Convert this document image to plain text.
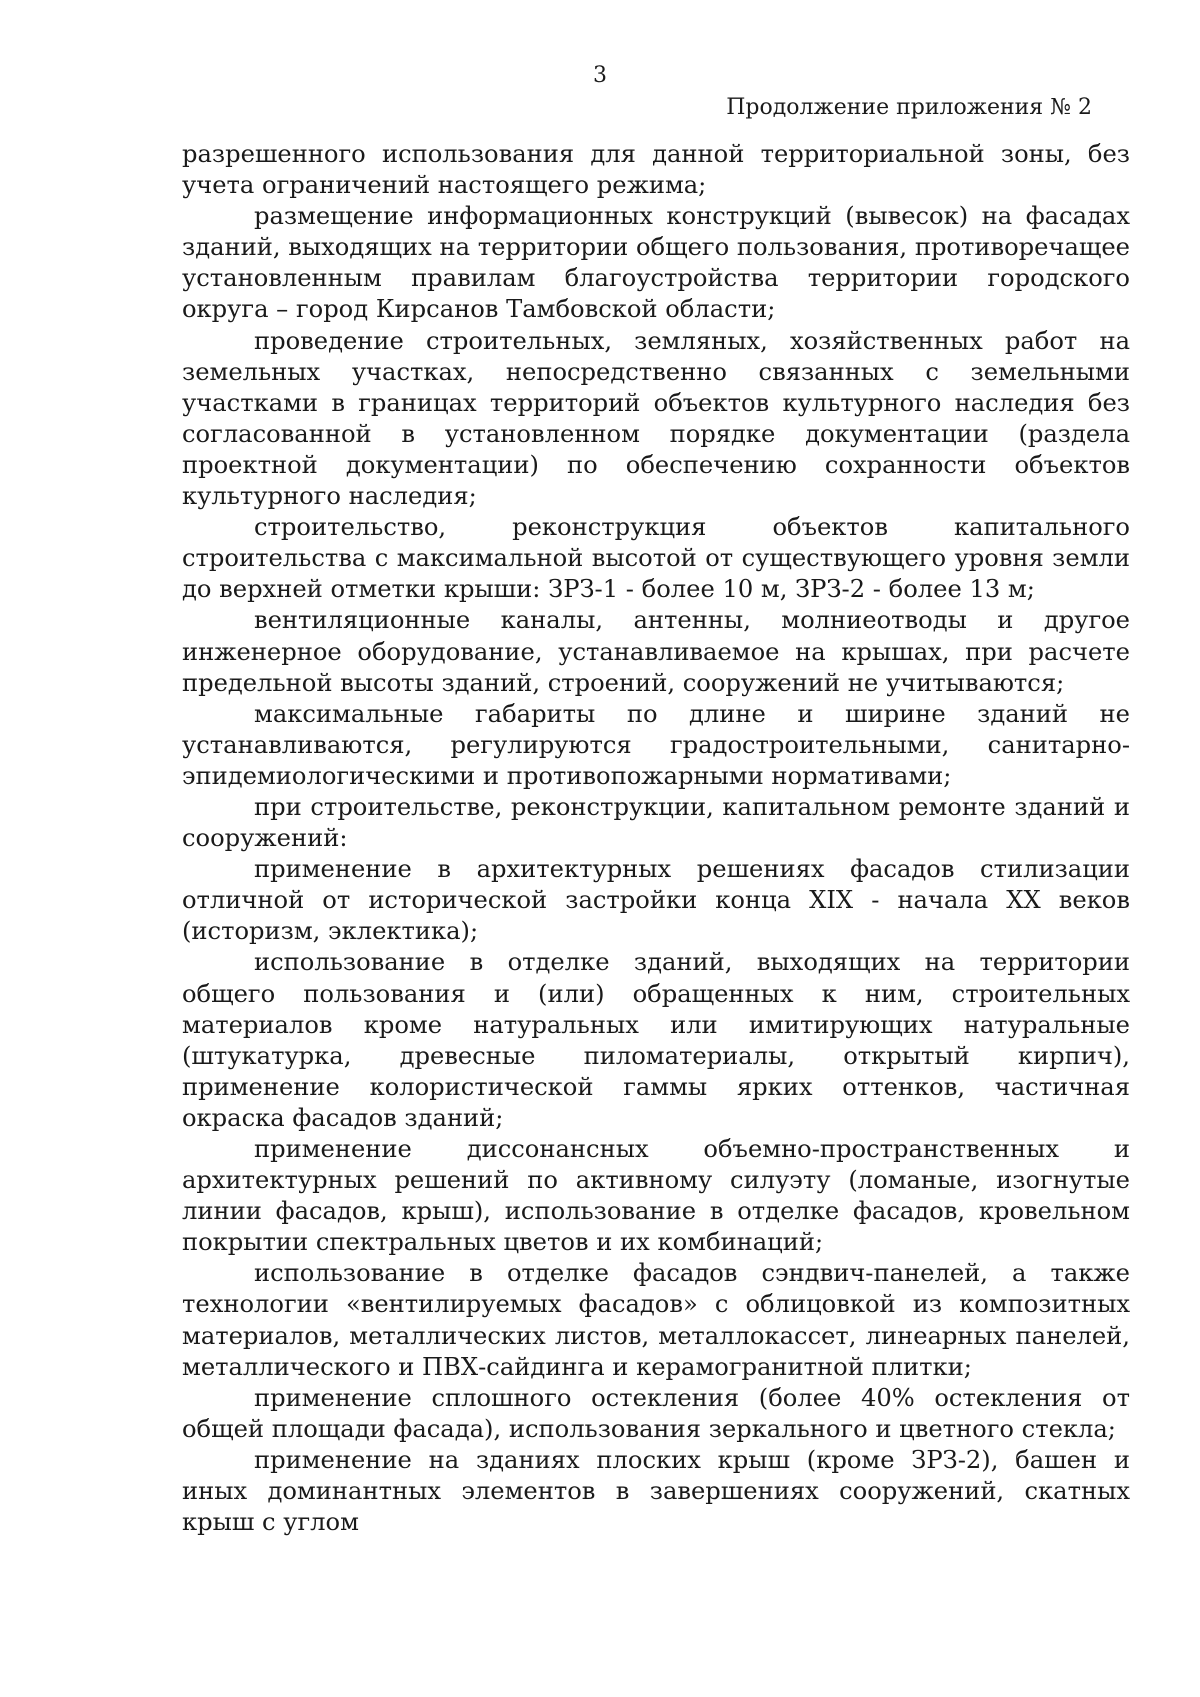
3
Продолжение приложения № 2

разрешенного использования для данной территориальной зоны, без учета ограничений настоящего режима;

размещение информационных конструкций (вывесок) на фасадах зданий, выходящих на территории общего пользования, противоречащее установленным правилам благоустройства территории городского округа – город Кирсанов Тамбовской области;

проведение строительных, земляных, хозяйственных работ на земельных участках, непосредственно связанных с земельными участками в границах территорий объектов культурного наследия без согласованной в установленном порядке документации (раздела проектной документации) по обеспечению сохранности объектов культурного наследия;

строительство, реконструкция объектов капитального строительства с максимальной высотой от существующего уровня земли до верхней отметки крыши: ЗРЗ-1 - более 10 м, ЗРЗ-2 - более 13 м;

вентиляционные каналы, антенны, молниеотводы и другое инженерное оборудование, устанавливаемое на крышах, при расчете предельной высоты зданий, строений, сооружений не учитываются;

максимальные габариты по длине и ширине зданий не устанавливаются, регулируются градостроительными, санитарно-эпидемиологическими и противопожарными нормативами;

при строительстве, реконструкции, капитальном ремонте зданий и сооружений:

применение в архитектурных решениях фасадов стилизации отличной от исторической застройки конца XIX - начала XX веков (историзм, эклектика);

использование в отделке зданий, выходящих на территории общего пользования и (или) обращенных к ним, строительных материалов кроме натуральных или имитирующих натуральные (штукатурка, древесные пиломатериалы, открытый кирпич), применение колористической гаммы ярких оттенков, частичная окраска фасадов зданий;

применение диссонансных объемно-пространственных и архитектурных решений по активному силуэту (ломаные, изогнутые линии фасадов, крыш), использование в отделке фасадов, кровельном покрытии спектральных цветов и их комбинаций;

использование в отделке фасадов сэндвич-панелей, а также технологии «вентилируемых фасадов» с облицовкой из композитных материалов, металлических листов, металлокассет, линеарных панелей, металлического и ПВХ-сайдинга и керамогранитной плитки;

применение сплошного остекления (более 40% остекления от общей площади фасада), использования зеркального и цветного стекла;

применение на зданиях плоских крыш (кроме ЗРЗ-2), башен и иных доминантных элементов в завершениях сооружений, скатных крыш с углом
